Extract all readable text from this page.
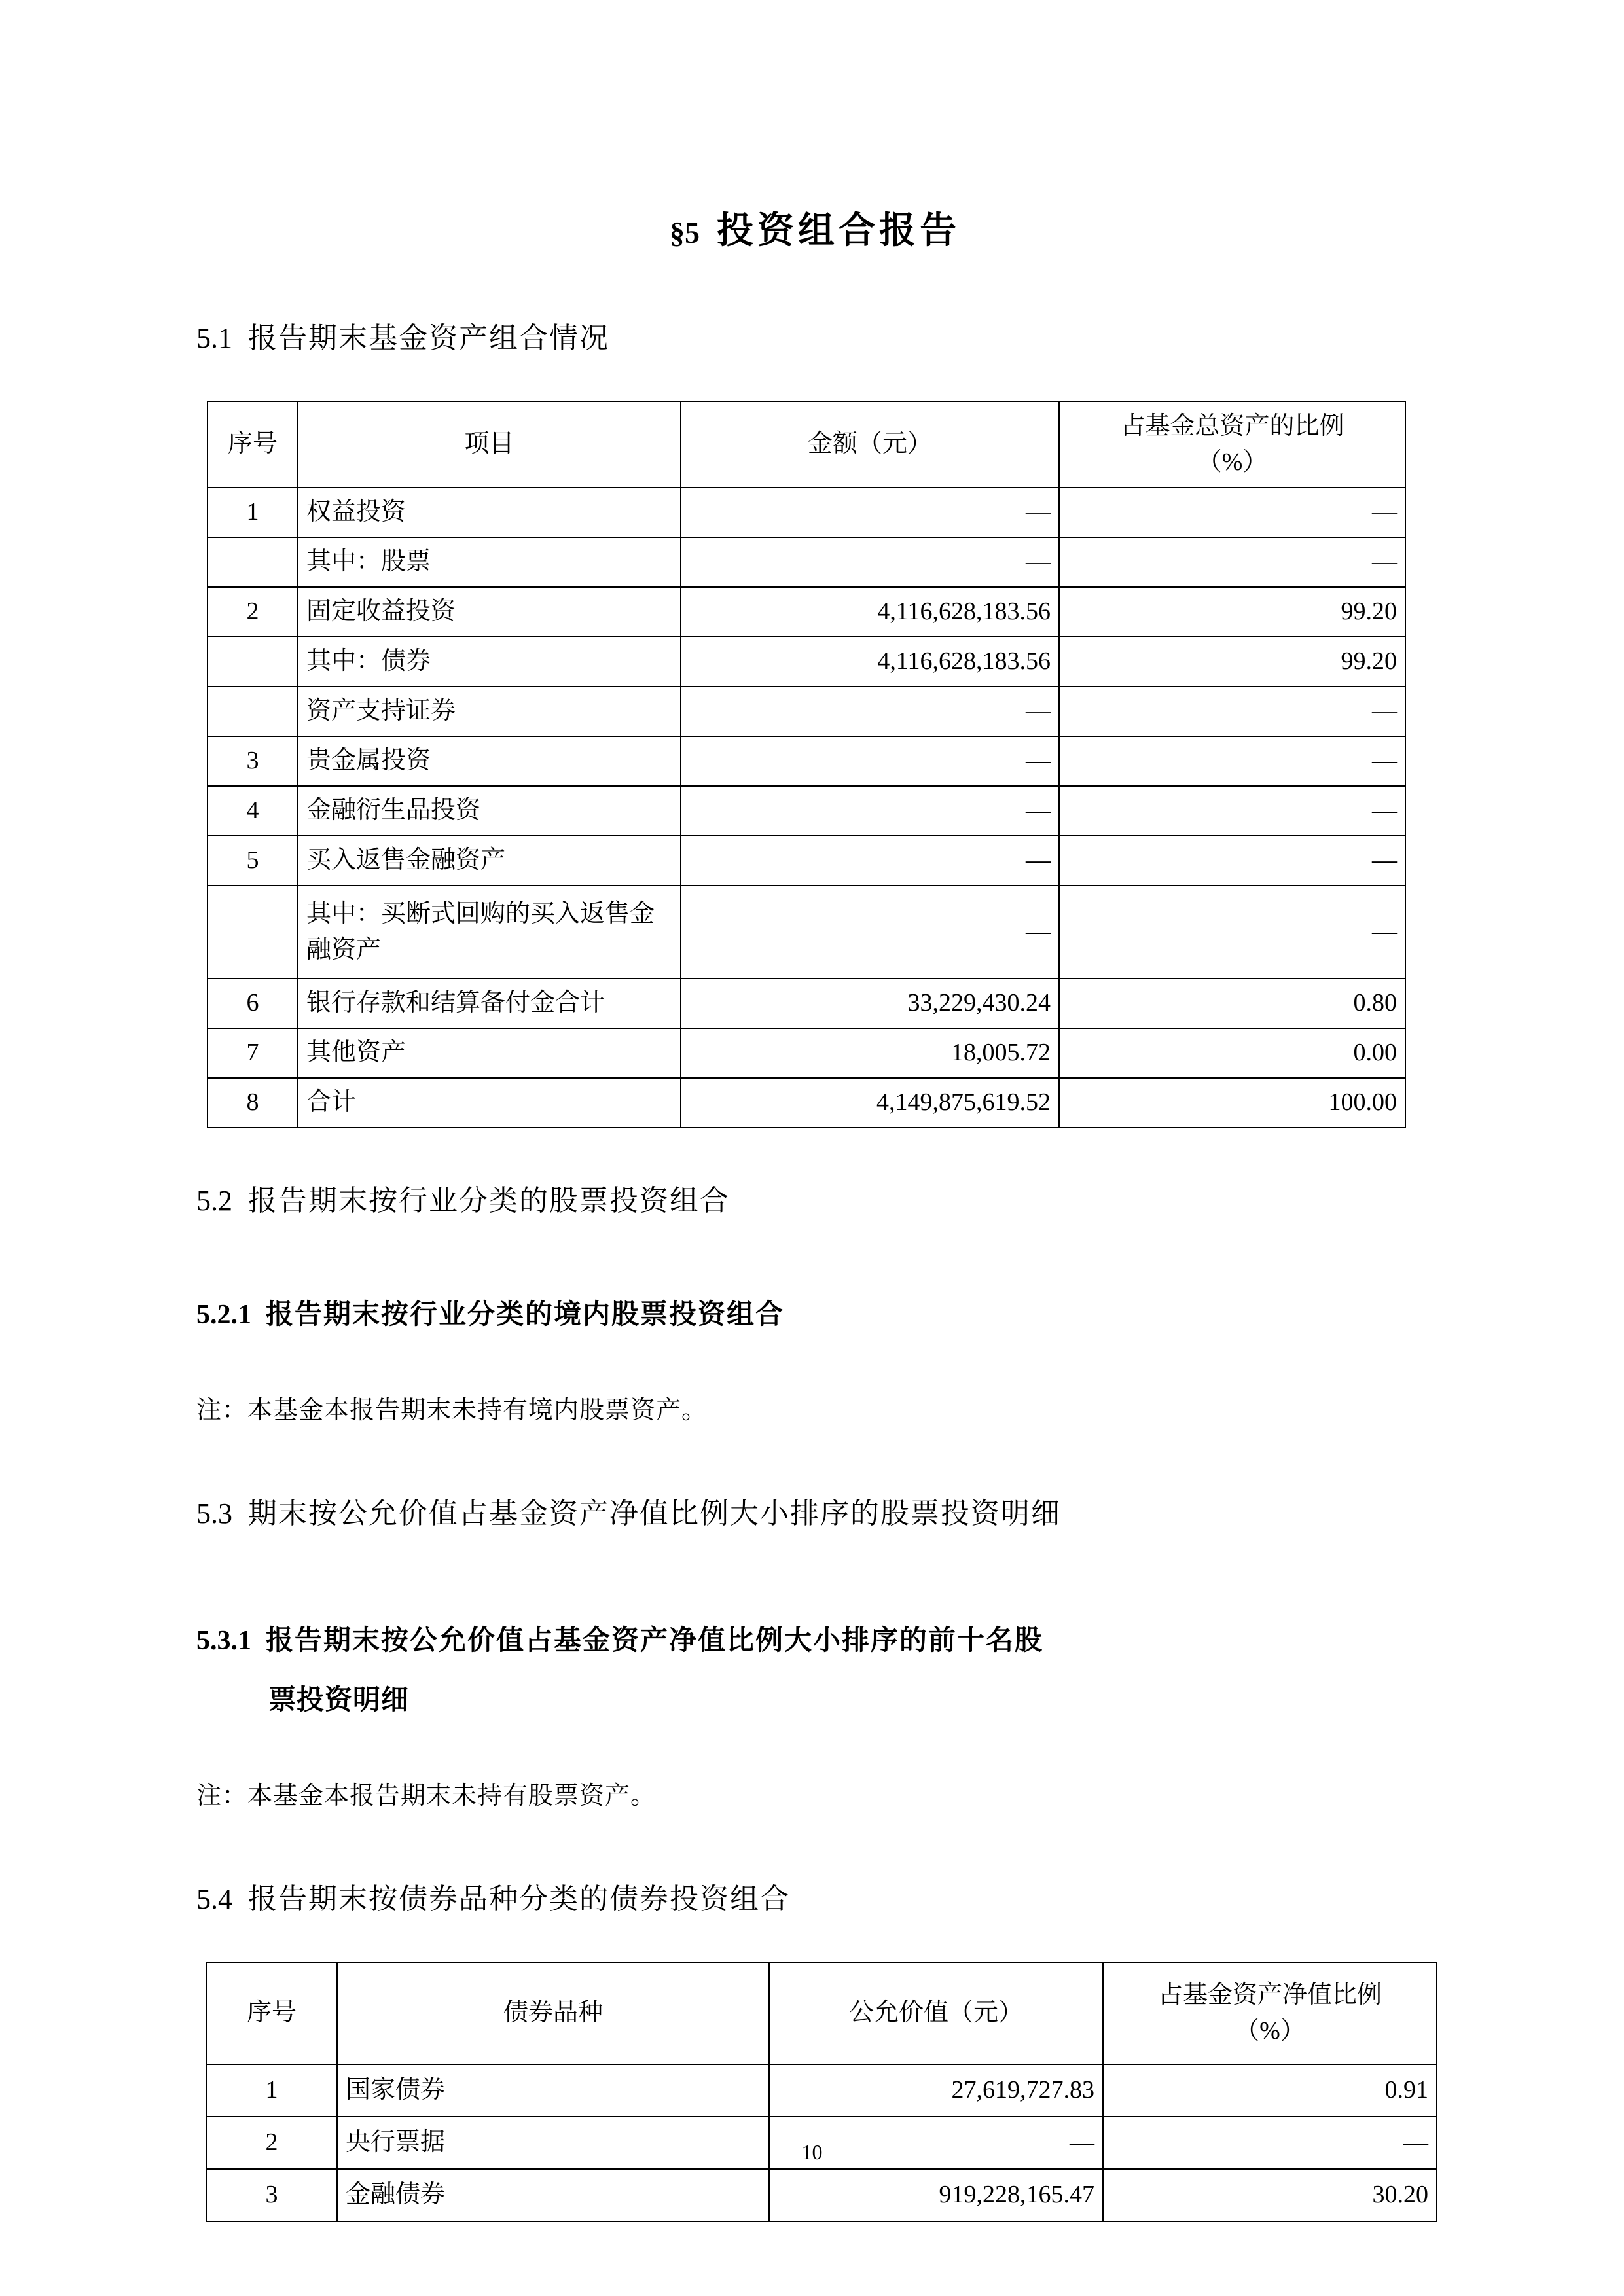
§5 投资组合报告
5.1 报告期末基金资产组合情况
序号	项目	金额（元）	占基金总资产的比例
（%）

1	权益投资	—	—
	其中：股票	—	—
2	固定收益投资	4,116,628,183.56	99.20
	其中：债券	4,116,628,183.56	99.20
	资产支持证券	—	—
3	贵金属投资	—	—
4	金融衍生品投资	—	—
5	买入返售金融资产	—	—
	其中：买断式回购的买入返售金融资产	—	—
6	银行存款和结算备付金合计	33,229,430.24	0.80
7	其他资产	18,005.72	0.00
8	合计	4,149,875,619.52	100.00
5.2 报告期末按行业分类的股票投资组合
5.2.1 报告期末按行业分类的境内股票投资组合
注：本基金本报告期末未持有境内股票资产。
5.3 期末按公允价值占基金资产净值比例大小排序的股票投资明细
5.3.1 报告期末按公允价值占基金资产净值比例大小排序的前十名股
票投资明细
注：本基金本报告期末未持有股票资产。
5.4 报告期末按债券品种分类的债券投资组合
序号	债券品种	公允价值（元）	占基金资产净值比例
（%）

1	国家债券	27,619,727.83	0.91
2	央行票据	—	—
3	金融债券	919,228,165.47	30.20
10
